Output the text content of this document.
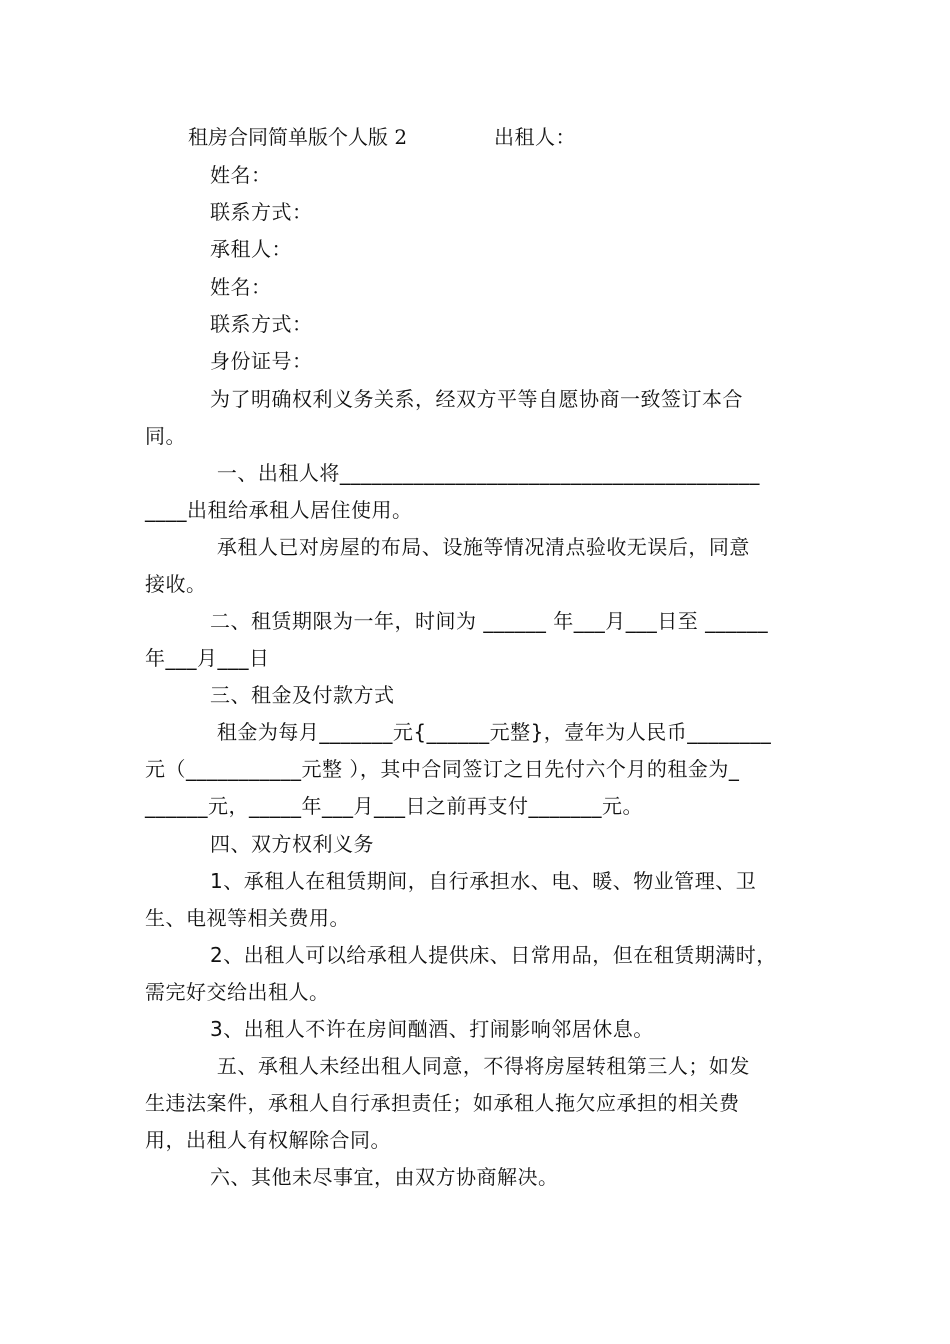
租房合同简单版个人版 2	出租人：
姓名：
联系方式：
承租人：
姓名：
联系方式：
身份证号：
为了明确权利义务关系，经双方平等自愿协商一致签订本合
同。
一、出租人将________________________________________
____出租给承租人居住使用。
承租人已对房屋的布局、设施等情况清点验收无误后，同意
接收。
二、租赁期限为一年，时间为 ______ 年___月___日至 ______
年___月___日
三、租金及付款方式
租金为每月_______元{______元整}，壹年为人民币________
元（___________元整 ），其中合同签订之日先付六个月的租金为_
______元，_____年___月___日之前再支付_______元。
四、双方权利义务
1、承租人在租赁期间，自行承担水、电、暖、物业管理、卫
生、电视等相关费用。
2、出租人可以给承租人提供床、日常用品，但在租赁期满时，
需完好交给出租人。
3、出租人不许在房间酗酒、打闹影响邻居休息。
五、承租人未经出租人同意，不得将房屋转租第三人；如发
生违法案件，承租人自行承担责任；如承租人拖欠应承担的相关费
用，出租人有权解除合同。
六、其他未尽事宜，由双方协商解决。
